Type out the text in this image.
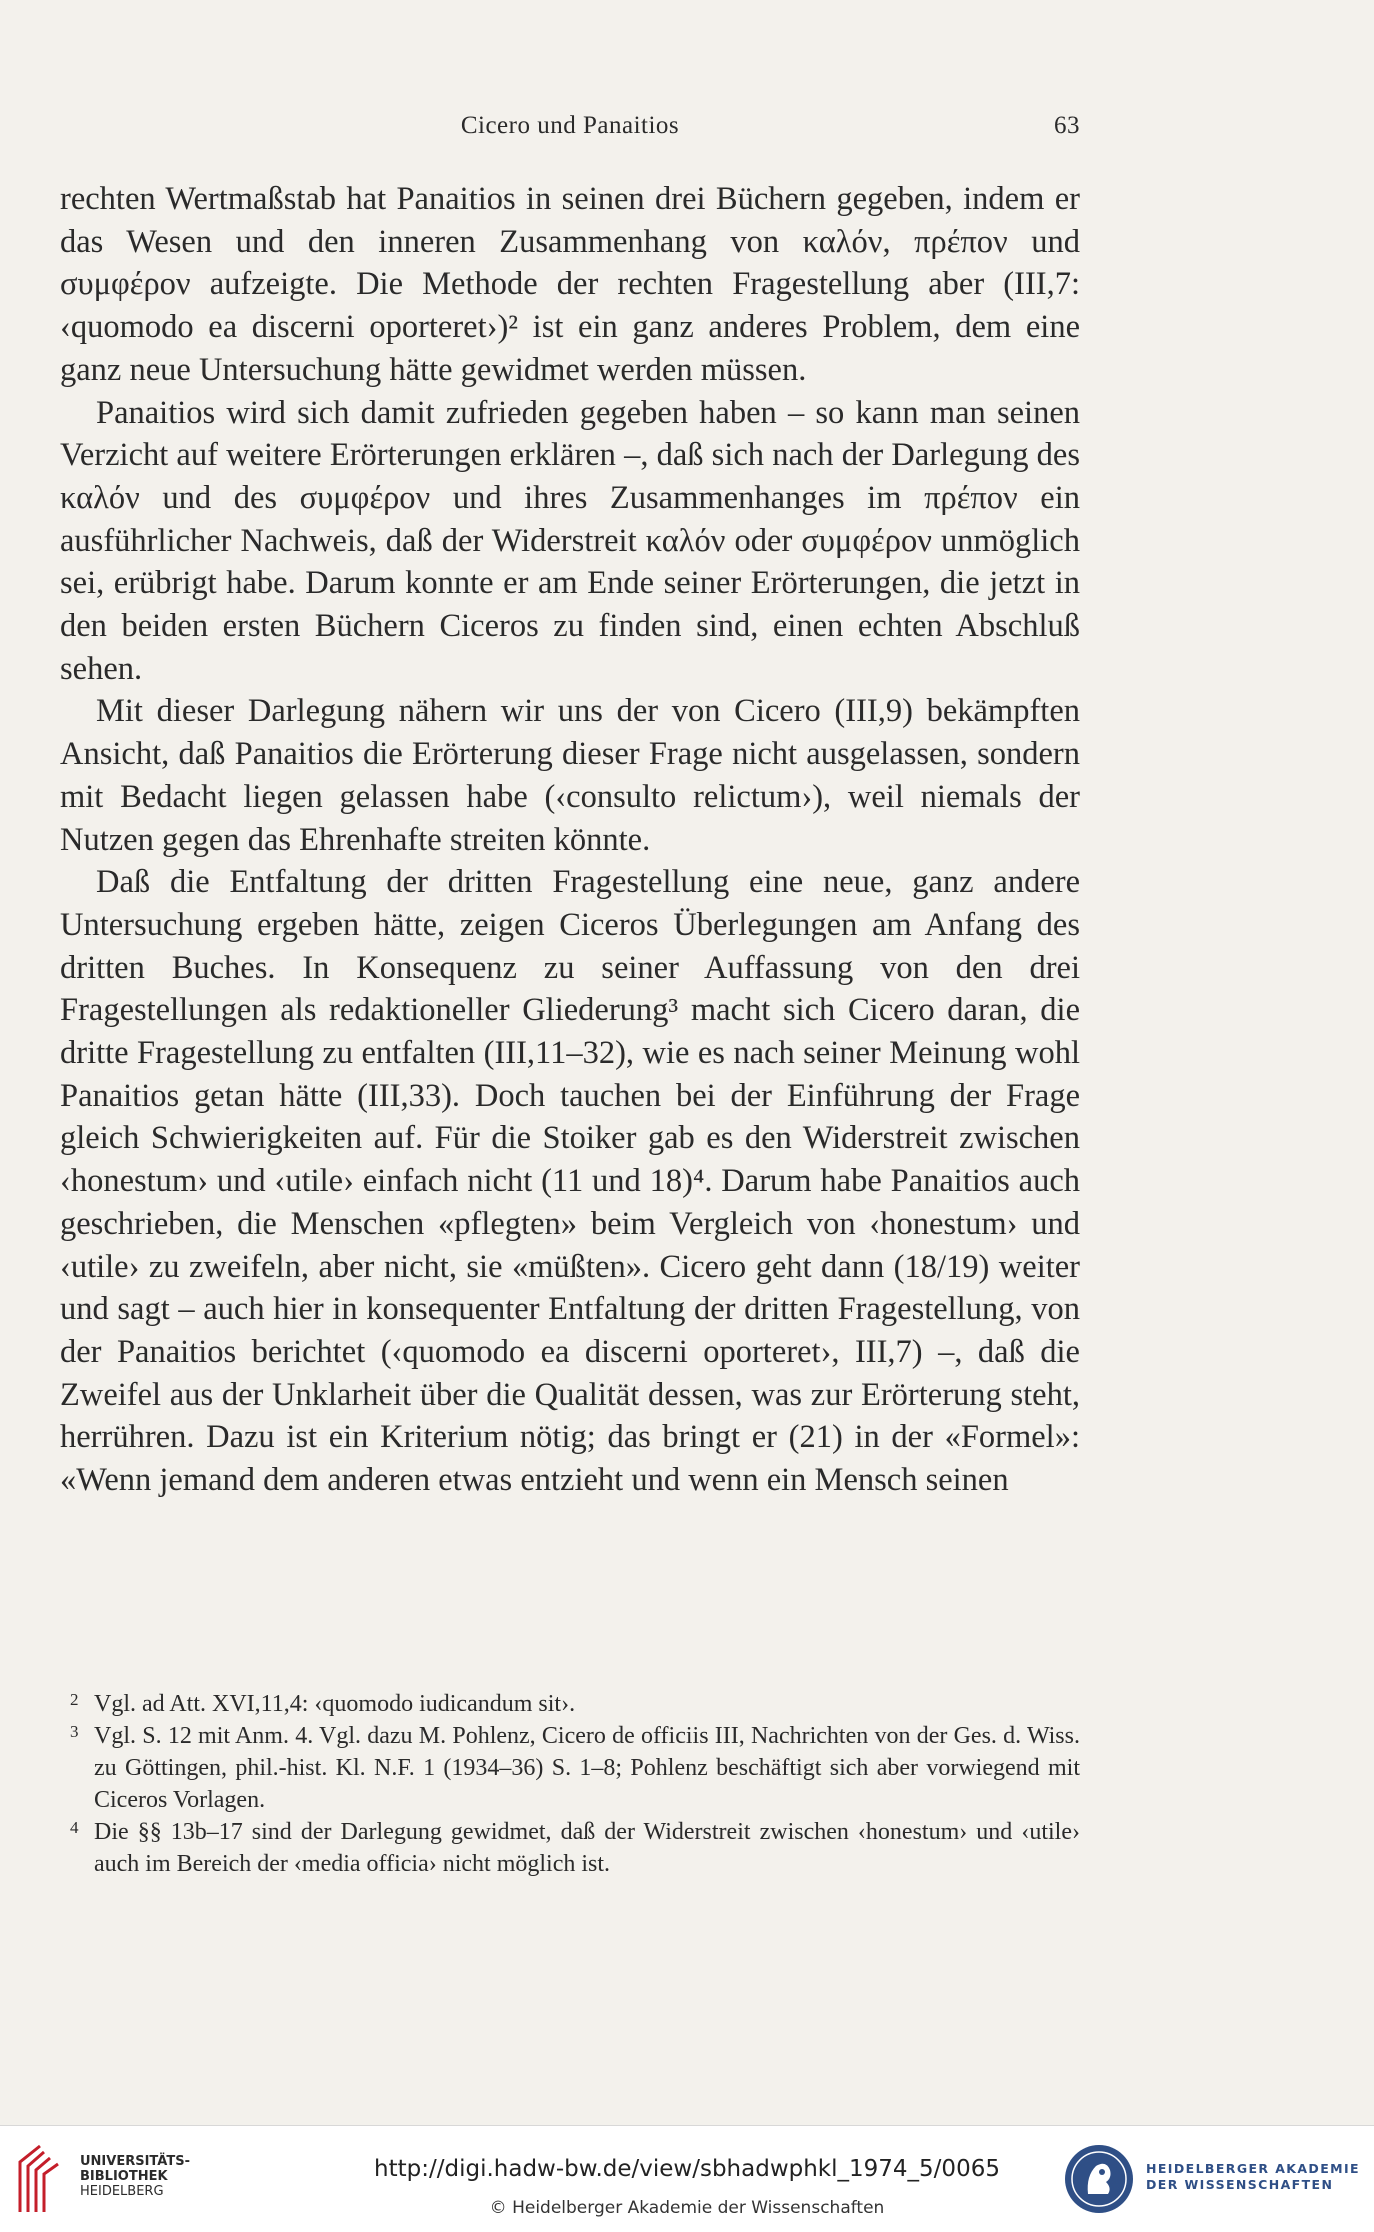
Cicero und Panaitios	63

rechten Wertmaßstab hat Panaitios in seinen drei Büchern gegeben, indem er das Wesen und den inneren Zusammenhang von καλόν, πρέπον und συμφέρον aufzeigte. Die Methode der rechten Fragestellung aber (III,7: ‹quomodo ea discerni oporteret›)² ist ein ganz anderes Problem, dem eine ganz neue Untersuchung hätte gewidmet werden müssen.

Panaitios wird sich damit zufrieden gegeben haben – so kann man seinen Verzicht auf weitere Erörterungen erklären –, daß sich nach der Darlegung des καλόν und des συμφέρον und ihres Zusammenhanges im πρέπον ein ausführlicher Nachweis, daß der Widerstreit καλόν oder συμφέρον unmöglich sei, erübrigt habe. Darum konnte er am Ende seiner Erörterungen, die jetzt in den beiden ersten Büchern Ciceros zu finden sind, einen echten Abschluß sehen.

Mit dieser Darlegung nähern wir uns der von Cicero (III,9) bekämpften Ansicht, daß Panaitios die Erörterung dieser Frage nicht ausgelassen, sondern mit Bedacht liegen gelassen habe (‹consulto relictum›), weil niemals der Nutzen gegen das Ehrenhafte streiten könnte.

Daß die Entfaltung der dritten Fragestellung eine neue, ganz andere Untersuchung ergeben hätte, zeigen Ciceros Überlegungen am Anfang des dritten Buches. In Konsequenz zu seiner Auffassung von den drei Fragestellungen als redaktioneller Gliederung³ macht sich Cicero daran, die dritte Fragestellung zu entfalten (III,11–32), wie es nach seiner Meinung wohl Panaitios getan hätte (III,33). Doch tauchen bei der Einführung der Frage gleich Schwierigkeiten auf. Für die Stoiker gab es den Widerstreit zwischen ‹honestum› und ‹utile› einfach nicht (11 und 18)⁴. Darum habe Panaitios auch geschrieben, die Menschen «pflegten» beim Vergleich von ‹honestum› und ‹utile› zu zweifeln, aber nicht, sie «müßten». Cicero geht dann (18/19) weiter und sagt – auch hier in konsequenter Entfaltung der dritten Fragestellung, von der Panaitios berichtet (‹quomodo ea discerni oporteret›, III,7) –, daß die Zweifel aus der Unklarheit über die Qualität dessen, was zur Erörterung steht, herrühren. Dazu ist ein Kriterium nötig; das bringt er (21) in der «Formel»: «Wenn jemand dem anderen etwas entzieht und wenn ein Mensch seinen

2 Vgl. ad Att. XVI,11,4: ‹quomodo iudicandum sit›.
3 Vgl. S. 12 mit Anm. 4. Vgl. dazu M. Pohlenz, Cicero de officiis III, Nachrichten von der Ges. d. Wiss. zu Göttingen, phil.-hist. Kl. N.F. 1 (1934–36) S. 1–8; Pohlenz beschäftigt sich aber vorwiegend mit Ciceros Vorlagen.
4 Die §§ 13b–17 sind der Darlegung gewidmet, daß der Widerstreit zwischen ‹honestum› und ‹utile› auch im Bereich der ‹media officia› nicht möglich ist.
UNIVERSITÄTS-
BIBLIOTHEK
HEIDELBERG
http://digi.hadw-bw.de/view/sbhadwphkl_1974_5/0065
© Heidelberger Akademie der Wissenschaften
HEIDELBERGER AKADEMIE
DER WISSENSCHAFTEN
